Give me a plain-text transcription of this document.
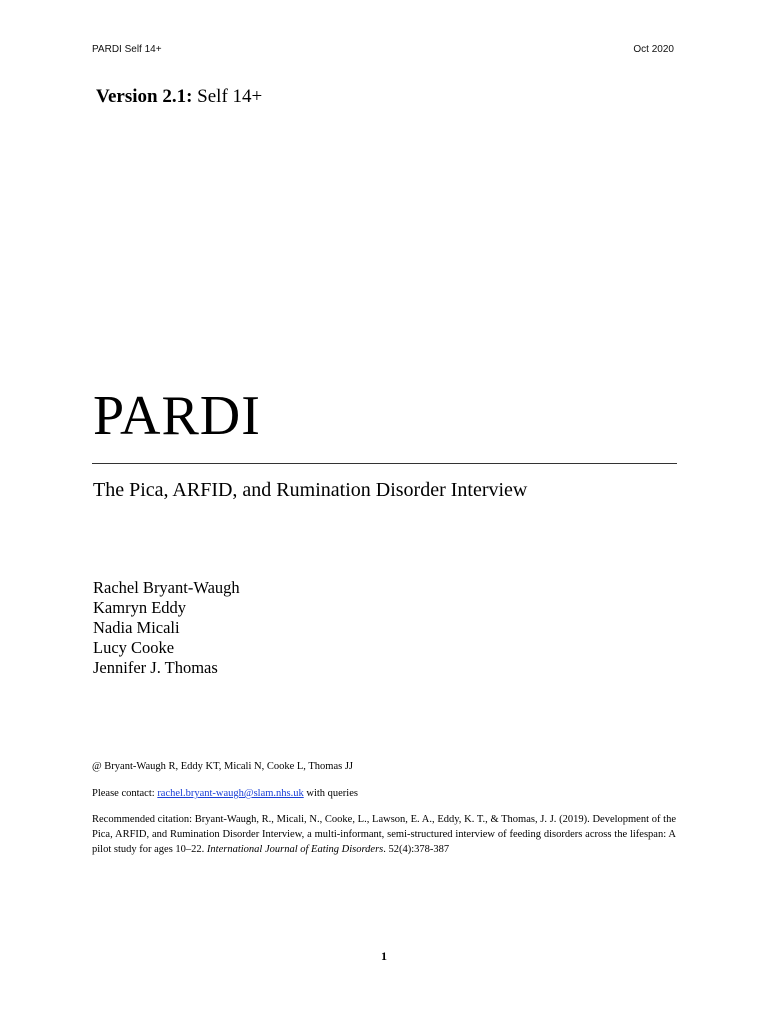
PARDI Self 14+	Oct 2020
Version 2.1: Self 14+
PARDI
The Pica, ARFID, and Rumination Disorder Interview
Rachel Bryant-Waugh
Kamryn Eddy
Nadia Micali
Lucy Cooke
Jennifer J. Thomas
@ Bryant-Waugh R, Eddy KT, Micali N, Cooke L, Thomas JJ
Please contact: rachel.bryant-waugh@slam.nhs.uk with queries
Recommended citation: Bryant-Waugh, R., Micali, N., Cooke, L., Lawson, E. A., Eddy, K. T., & Thomas, J. J. (2019). Development of the Pica, ARFID, and Rumination Disorder Interview, a multi-informant, semi-structured interview of feeding disorders across the lifespan: A pilot study for ages 10–22. International Journal of Eating Disorders. 52(4):378-387
1
